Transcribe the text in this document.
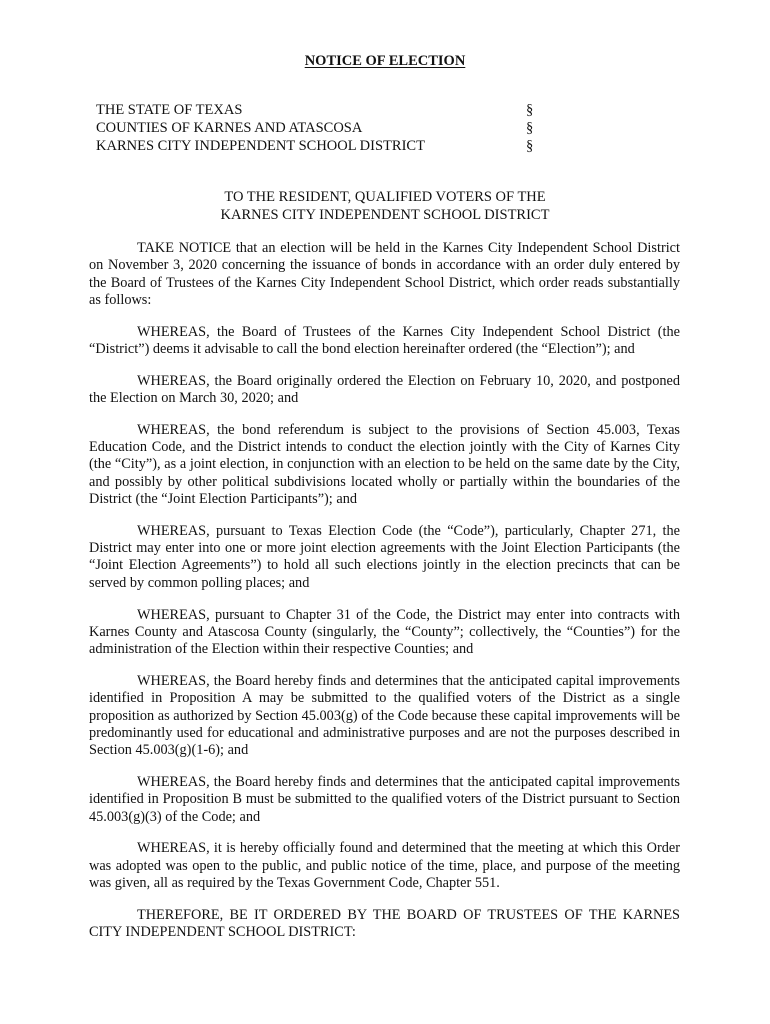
NOTICE OF ELECTION
THE STATE OF TEXAS	§
COUNTIES OF KARNES AND ATASCOSA	§
KARNES CITY INDEPENDENT SCHOOL DISTRICT	§
TO THE RESIDENT, QUALIFIED VOTERS OF THE
KARNES CITY INDEPENDENT SCHOOL DISTRICT

TAKE NOTICE that an election will be held in the Karnes City Independent School District on November 3, 2020 concerning the issuance of bonds in accordance with an order duly entered by the Board of Trustees of the Karnes City Independent School District, which order reads substantially as follows:

WHEREAS, the Board of Trustees of the Karnes City Independent School District (the “District”) deems it advisable to call the bond election hereinafter ordered (the “Election”); and

WHEREAS, the Board originally ordered the Election on February 10, 2020, and postponed the Election on March 30, 2020; and

WHEREAS, the bond referendum is subject to the provisions of Section 45.003, Texas Education Code, and the District intends to conduct the election jointly with the City of Karnes City (the “City”), as a joint election, in conjunction with an election to be held on the same date by the City, and possibly by other political subdivisions located wholly or partially within the boundaries of the District (the “Joint Election Participants”); and

WHEREAS, pursuant to Texas Election Code (the “Code”), particularly, Chapter 271, the District may enter into one or more joint election agreements with the Joint Election Participants (the “Joint Election Agreements”) to hold all such elections jointly in the election precincts that can be served by common polling places; and

WHEREAS, pursuant to Chapter 31 of the Code, the District may enter into contracts with Karnes County and Atascosa County (singularly, the “County”; collectively, the “Counties”) for the administration of the Election within their respective Counties; and

WHEREAS, the Board hereby finds and determines that the anticipated capital improvements identified in Proposition A may be submitted to the qualified voters of the District as a single proposition as authorized by Section 45.003(g) of the Code because these capital improvements will be predominantly used for educational and administrative purposes and are not the purposes described in Section 45.003(g)(1-6); and

WHEREAS, the Board hereby finds and determines that the anticipated capital improvements identified in Proposition B must be submitted to the qualified voters of the District pursuant to Section 45.003(g)(3) of the Code; and

WHEREAS, it is hereby officially found and determined that the meeting at which this Order was adopted was open to the public, and public notice of the time, place, and purpose of the meeting was given, all as required by the Texas Government Code, Chapter 551.

THEREFORE, BE IT ORDERED BY THE BOARD OF TRUSTEES OF THE KARNES CITY INDEPENDENT SCHOOL DISTRICT:
